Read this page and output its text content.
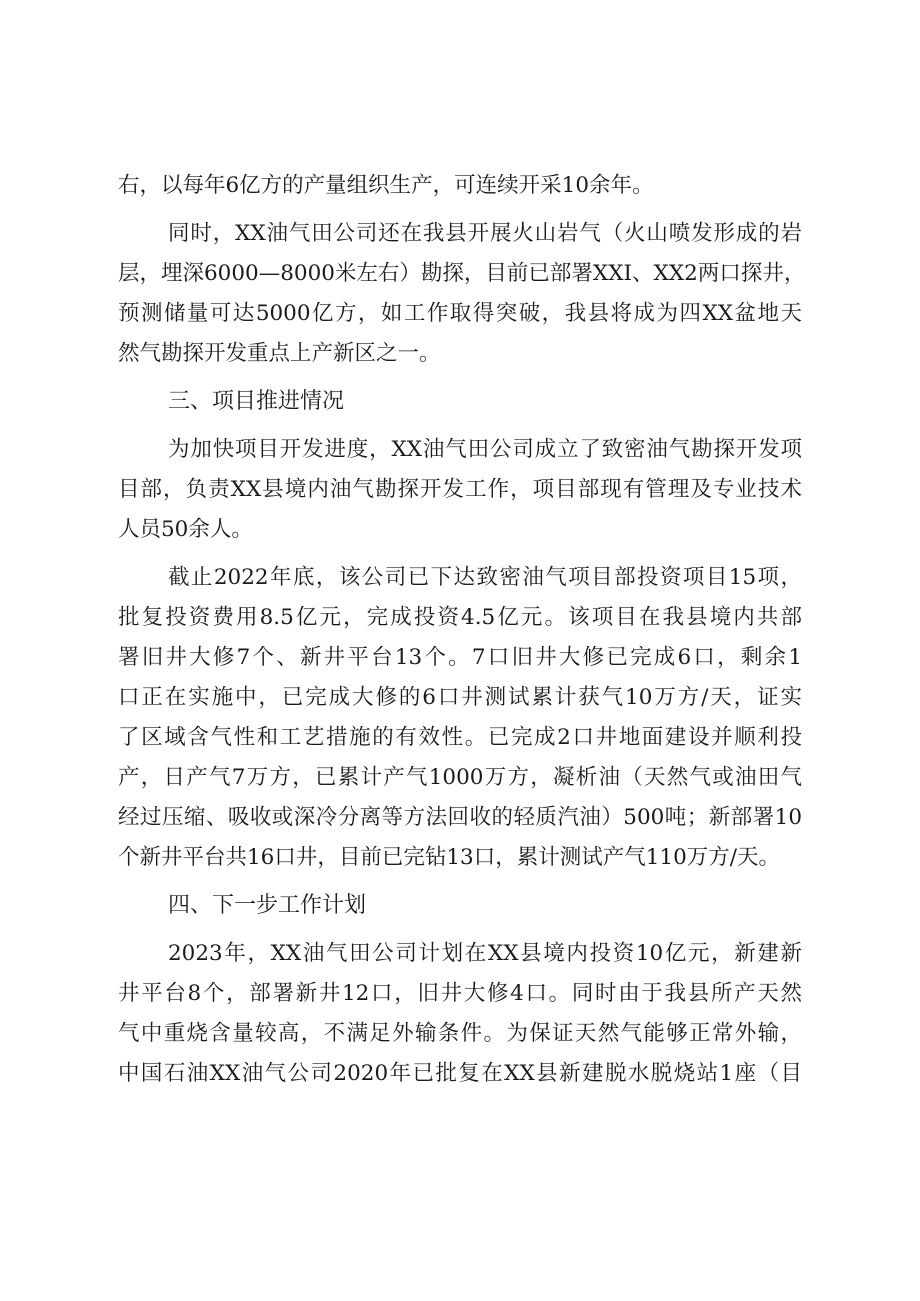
右，以每年6亿方的产量组织生产，可连续开采10余年。
同时，XX油气田公司还在我县开展火山岩气（火山喷发形成的岩
层，埋深6000—8000米左右）勘探，目前已部署XXI、XX2两口探井，
预测储量可达5000亿方，如工作取得突破，我县将成为四XX盆地天
然气勘探开发重点上产新区之一。
三、项目推进情况
为加快项目开发进度，XX油气田公司成立了致密油气勘探开发项
目部，负责XX县境内油气勘探开发工作，项目部现有管理及专业技术
人员50余人。
截止2022年底，该公司已下达致密油气项目部投资项目15项，
批复投资费用8.5亿元，完成投资4.5亿元。该项目在我县境内共部
署旧井大修7个、新井平台13个。7口旧井大修已完成6口，剩余1
口正在实施中，已完成大修的6口井测试累计获气10万方/天，证实
了区域含气性和工艺措施的有效性。已完成2口井地面建设并顺利投
产，日产气7万方，已累计产气1000万方，凝析油（天然气或油田气
经过压缩、吸收或深冷分离等方法回收的轻质汽油）500吨；新部署10
个新井平台共16口井，目前已完钻13口，累计测试产气110万方/天。
四、下一步工作计划
2023年，XX油气田公司计划在XX县境内投资10亿元，新建新
井平台8个，部署新井12口，旧井大修4口。同时由于我县所产天然
气中重烧含量较高，不满足外输条件。为保证天然气能够正常外输，
中国石油XX油气公司2020年已批复在XX县新建脱水脱烧站1座（目
